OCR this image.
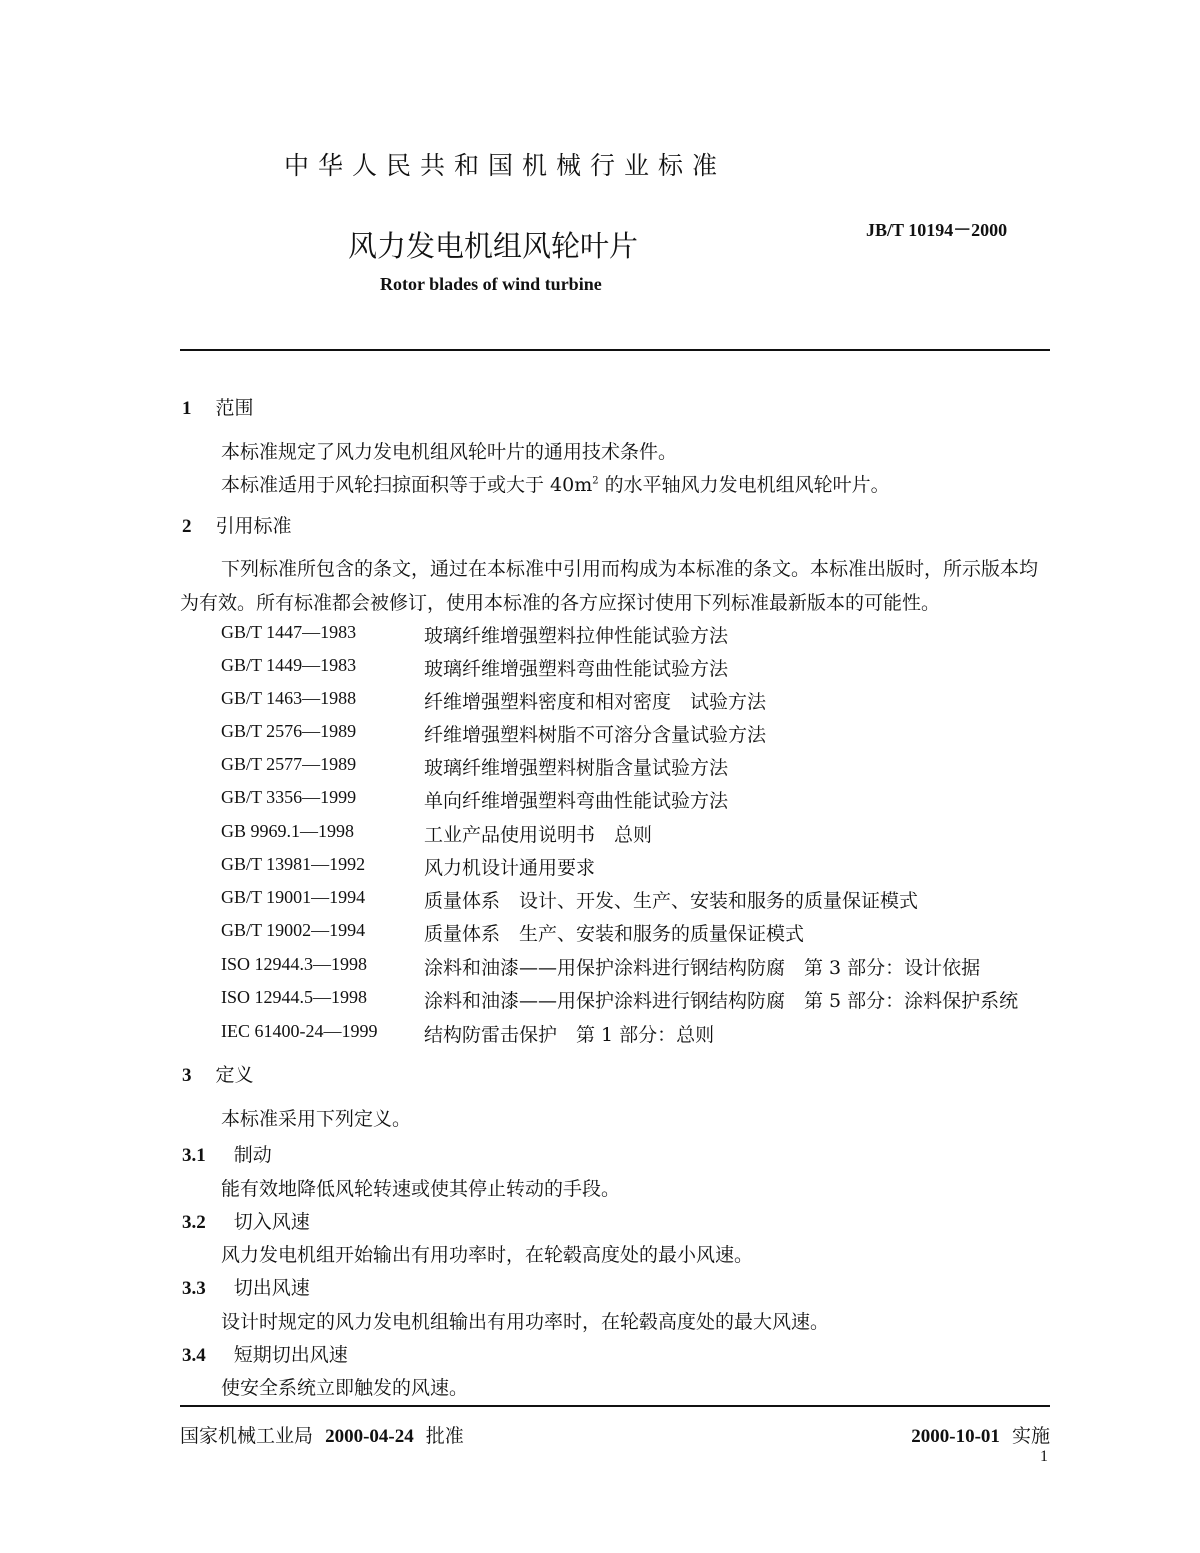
中华人民共和国机械行业标准
风力发电机组风轮叶片	JB/T 10194－2000
Rotor blades of wind turbine
1 范围
本标准规定了风力发电机组风轮叶片的通用技术条件。
本标准适用于风轮扫掠面积等于或大于 $40m^2$ 的水平轴风力发电机组风轮叶片。
2 引用标准
下列标准所包含的条文，通过在本标准中引用而构成为本标准的条文。本标准出版时，所示版本均
为有效。所有标准都会被修订，使用本标准的各方应探讨使用下列标准最新版本的可能性。
GB/T 1447—1983	玻璃纤维增强塑料拉伸性能试验方法
GB/T 1449—1983	玻璃纤维增强塑料弯曲性能试验方法
GB/T 1463—1988	纤维增强塑料密度和相对密度　试验方法
GB/T 2576—1989	纤维增强塑料树脂不可溶分含量试验方法
GB/T 2577—1989	玻璃纤维增强塑料树脂含量试验方法
GB/T 3356—1999	单向纤维增强塑料弯曲性能试验方法
GB 9969.1—1998	工业产品使用说明书　总则
GB/T 13981—1992	风力机设计通用要求
GB/T 19001—1994	质量体系　设计、开发、生产、安装和服务的质量保证模式
GB/T 19002—1994	质量体系　生产、安装和服务的质量保证模式
ISO 12944.3—1998	涂料和油漆——用保护涂料进行钢结构防腐　第 3 部分：设计依据
ISO 12944.5—1998	涂料和油漆——用保护涂料进行钢结构防腐　第 5 部分：涂料保护系统
IEC 61400-24—1999 结构防雷击保护　第 1 部分：总则
3 定义
本标准采用下列定义。
3.1 制动
能有效地降低风轮转速或使其停止转动的手段。
3.2 切入风速
风力发电机组开始输出有用功率时，在轮毂高度处的最小风速。
3.3 切出风速
设计时规定的风力发电机组输出有用功率时，在轮毂高度处的最大风速。
3.4 短期切出风速
使安全系统立即触发的风速。
国家机械工业局 2000-04-24 批准	2000-10-01 实施
1
